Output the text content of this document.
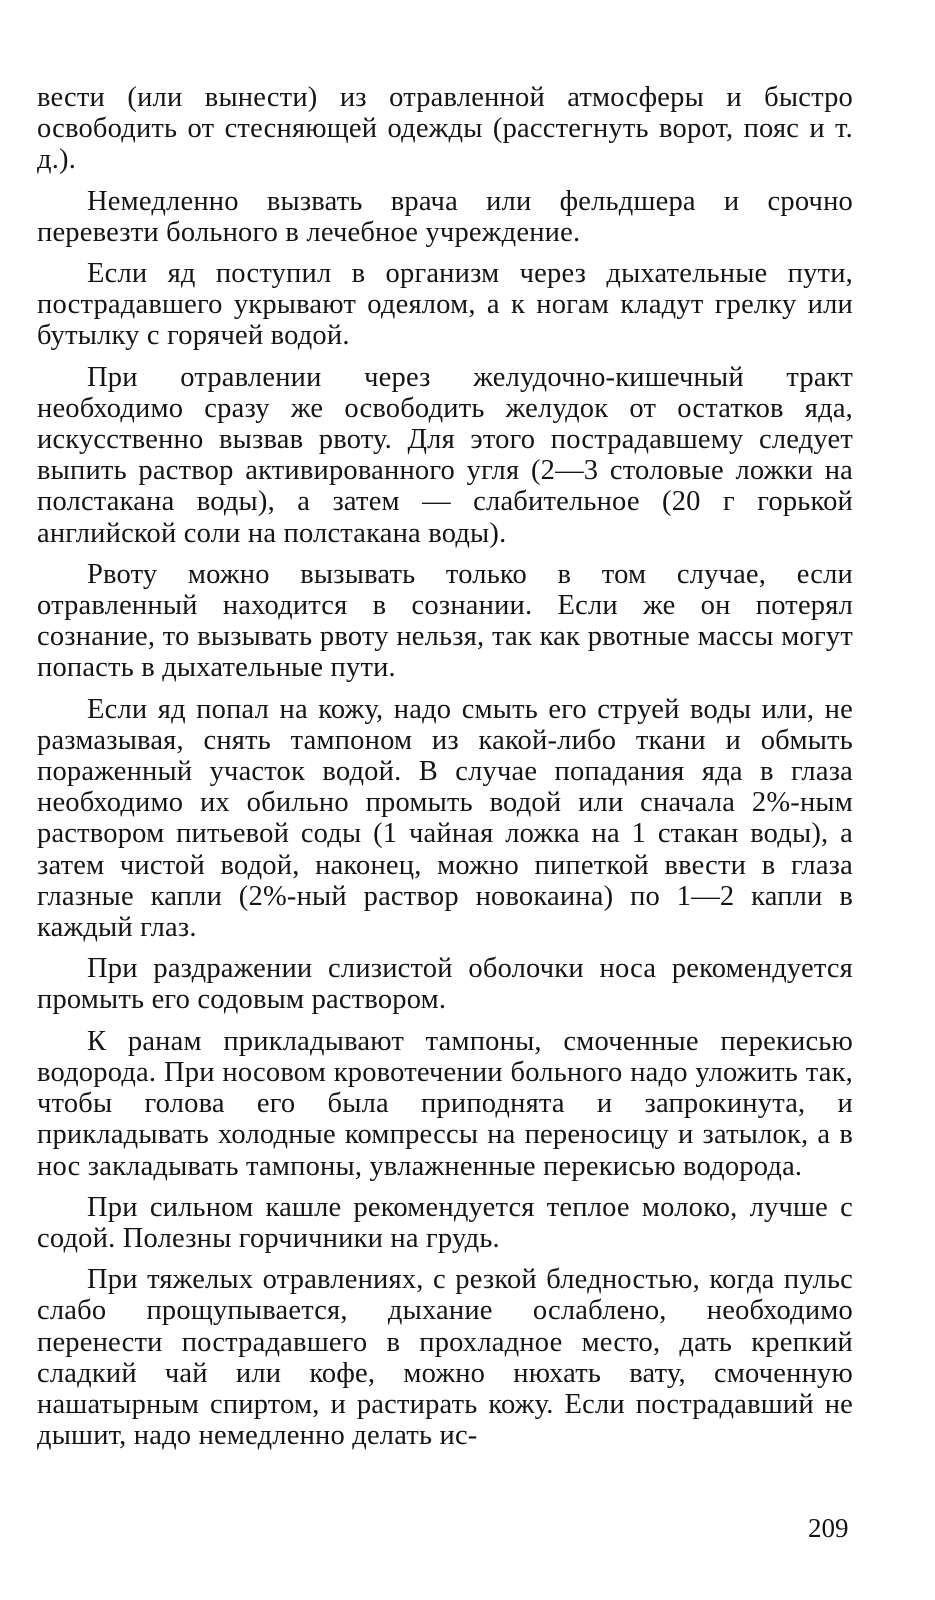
вести (или вынести) из отравленной атмосферы и быстро освободить от стесняющей одежды (расстегнуть ворот, пояс и т. д.).

Немедленно вызвать врача или фельдшера и срочно перевезти больного в лечебное учреждение.

Если яд поступил в организм через дыхательные пути, пострадавшего укрывают одеялом, а к ногам кладут грелку или бутылку с горячей водой.

При отравлении через желудочно-кишечный тракт необходимо сразу же освободить желудок от остатков яда, искусственно вызвав рвоту. Для этого пострадавшему следует выпить раствор активированного угля (2—3 столовые ложки на полстакана воды), а затем — слабительное (20 г горькой английской соли на полстакана воды).

Рвоту можно вызывать только в том случае, если отравленный находится в сознании. Если же он потерял сознание, то вызывать рвоту нельзя, так как рвотные массы могут попасть в дыхательные пути.

Если яд попал на кожу, надо смыть его струей воды или, не размазывая, снять тампоном из какой-либо ткани и обмыть пораженный участок водой. В случае попадания яда в глаза необходимо их обильно промыть водой или сначала 2%-ным раствором питьевой соды (1 чайная ложка на 1 стакан воды), а затем чистой водой, наконец, можно пипеткой ввести в глаза глазные капли (2%-ный раствор новокаина) по 1—2 капли в каждый глаз.

При раздражении слизистой оболочки носа рекомендуется промыть его содовым раствором.

К ранам прикладывают тампоны, смоченные перекисью водорода. При носовом кровотечении больного надо уложить так, чтобы голова его была приподнята и запрокинута, и прикладывать холодные компрессы на переносицу и затылок, а в нос закладывать тампоны, увлажненные перекисью водорода.

При сильном кашле рекомендуется теплое молоко, лучше с содой. Полезны горчичники на грудь.

При тяжелых отравлениях, с резкой бледностью, когда пульс слабо прощупывается, дыхание ослаблено, необходимо перенести пострадавшего в прохладное место, дать крепкий сладкий чай или кофе, можно нюхать вату, смоченную нашатырным спиртом, и растирать кожу. Если пострадавший не дышит, надо немедленно делать ис-

209
